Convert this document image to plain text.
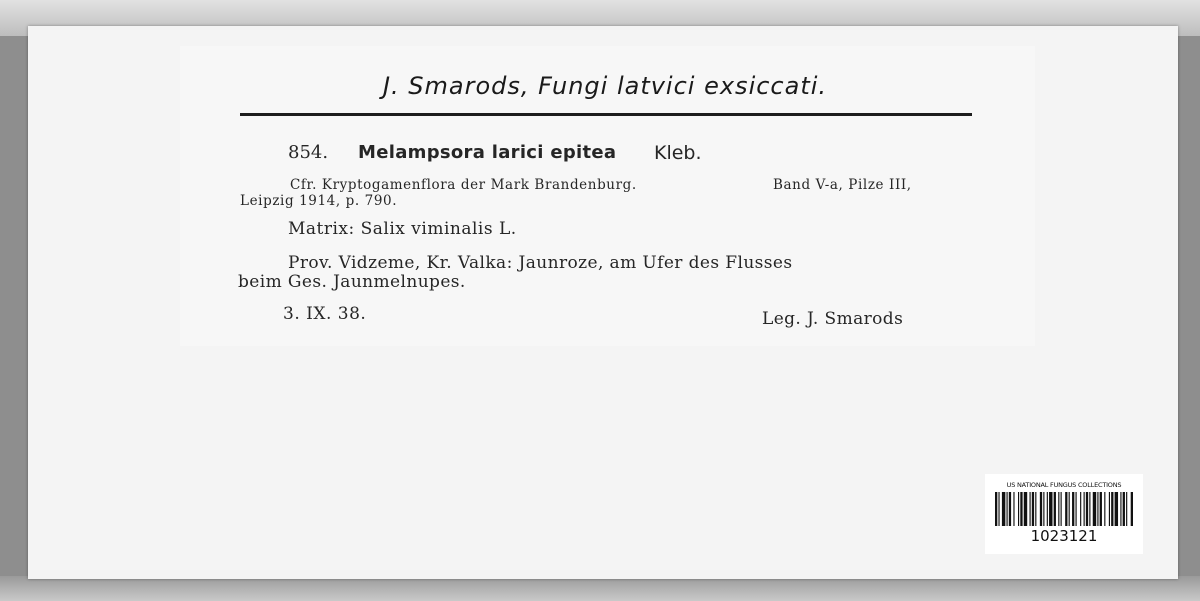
J. Smarods, Fungi latvici exsiccati.
854. Melampsora larici epitea Kleb.
Cfr. Kryptogamenflora der Mark Brandenburg.	Band V-a, Pilze III,
Leipzig 1914, p. 790.
Matrix: Salix viminalis L.
Prov. Vidzeme, Kr. Valka: Jaunroze, am Ufer des Flusses
beim Ges. Jaunmelnupes.
3. IX. 38.	Leg. J. Smarods
US NATIONAL FUNGUS COLLECTIONS
1023121
